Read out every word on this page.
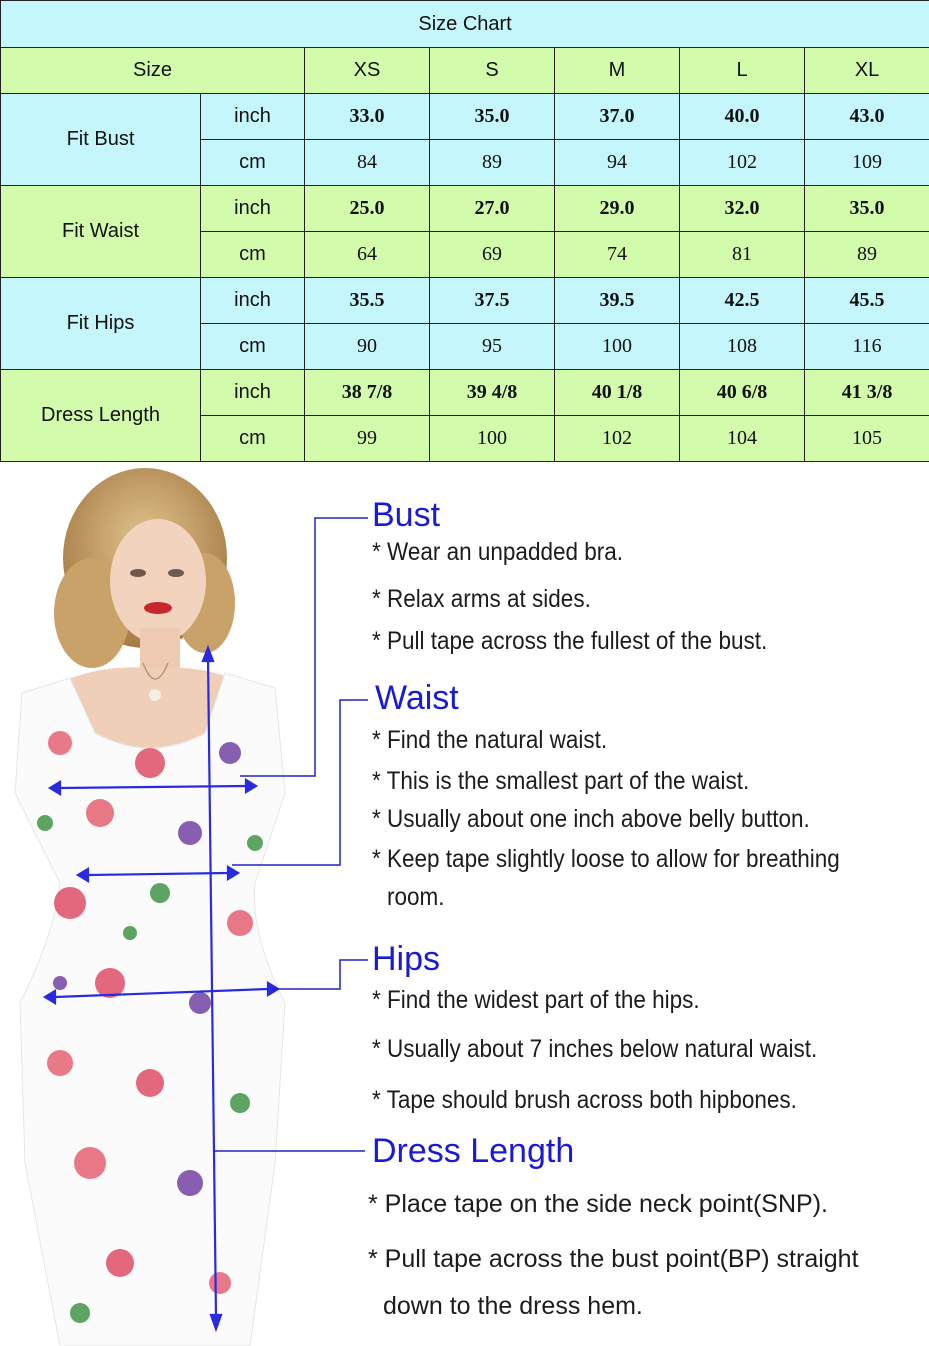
Size Chart						
Size		XS	S	M	L	XL
Fit Bust	inch	33.0	35.0	37.0	40.0	43.0
	cm	84	89	94	102	109
Fit Waist	inch	25.0	27.0	29.0	32.0	35.0
	cm	64	69	74	81	89
Fit Hips	inch	35.5	37.5	39.5	42.5	45.5
	cm	90	95	100	108	116
Dress Length	inch	38 7/8	39 4/8	40 1/8	40 6/8	41 3/8
	cm	99	100	102	104	105
Bust
* Wear an unpadded bra.
* Relax arms at sides.
* Pull tape across the fullest of the bust.
Waist
* Find the natural waist.
* This is the smallest part of the waist.
* Usually about one inch above belly button.
* Keep tape slightly loose to allow for breathing
room.
Hips
* Find the widest part of the hips.
* Usually about 7 inches below natural waist.
* Tape should brush across both hipbones.
Dress Length
* Place tape on the side neck point(SNP).
* Pull tape across the bust point(BP) straight
down to the dress hem.
